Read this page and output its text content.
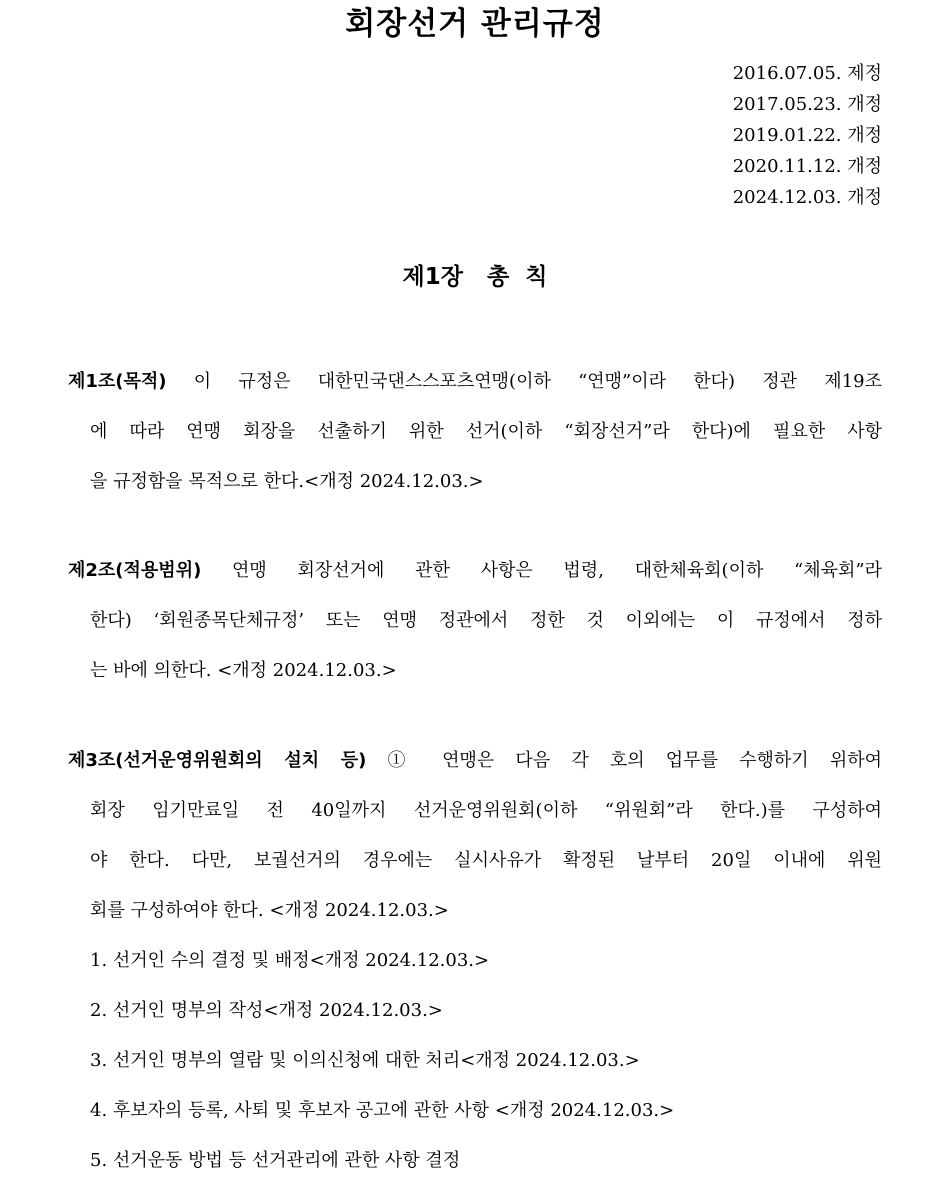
회장선거 관리규정
2016.07.05. 제정
2017.05.23. 개정
2019.01.22. 개정
2020.11.12. 개정
2024.12.03. 개정
제1장 총  칙
제1조(목적) 이 규정은 대한민국댄스스포츠연맹(이하 “연맹”이라 한다) 정관 제19조
에 따라 연맹 회장을 선출하기 위한 선거(이하 “회장선거”라 한다)에 필요한 사항
을 규정함을 목적으로 한다.<개정 2024.12.03.>
제2조(적용범위) 연맹 회장선거에 관한 사항은 법령, 대한체육회(이하 “체육회”라
한다) ‘회원종목단체규정’ 또는 연맹 정관에서 정한 것 이외에는 이 규정에서 정하
는 바에 의한다. <개정 2024.12.03.>
제3조(선거운영위원회의 설치 등) ① 연맹은 다음 각 호의 업무를 수행하기 위하여
회장 임기만료일 전 40일까지 선거운영위원회(이하 “위원회”라 한다.)를 구성하여
야 한다. 다만, 보궐선거의 경우에는 실시사유가 확정된 날부터 20일 이내에 위원
회를 구성하여야 한다. <개정 2024.12.03.>
1. 선거인 수의 결정 및 배정<개정 2024.12.03.>
2. 선거인 명부의 작성<개정 2024.12.03.>
3. 선거인 명부의 열람 및 이의신청에 대한 처리<개정 2024.12.03.>
4. 후보자의 등록, 사퇴 및 후보자 공고에 관한 사항 <개정 2024.12.03.>
5. 선거운동 방법 등 선거관리에 관한 사항 결정
